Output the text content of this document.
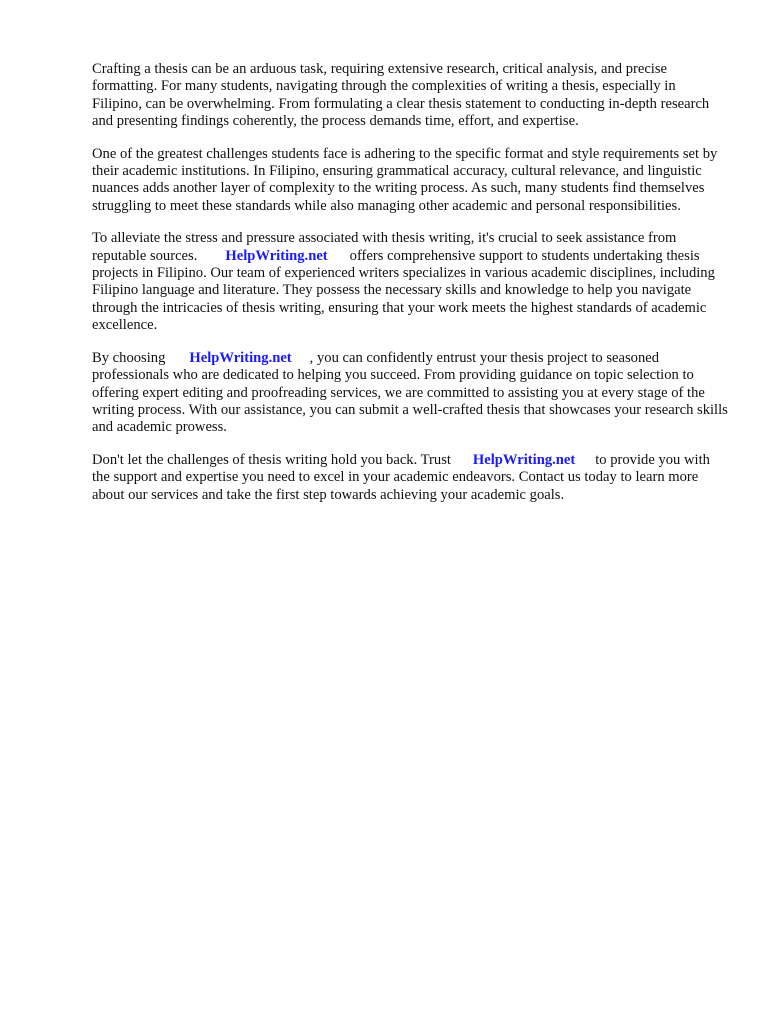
Crafting a thesis can be an arduous task, requiring extensive research, critical analysis, and precise formatting. For many students, navigating through the complexities of writing a thesis, especially in Filipino, can be overwhelming. From formulating a clear thesis statement to conducting in-depth research and presenting findings coherently, the process demands time, effort, and expertise.

One of the greatest challenges students face is adhering to the specific format and style requirements set by their academic institutions. In Filipino, ensuring grammatical accuracy, cultural relevance, and linguistic nuances adds another layer of complexity to the writing process. As such, many students find themselves struggling to meet these standards while also managing other academic and personal responsibilities.

To alleviate the stress and pressure associated with thesis writing, it's crucial to seek assistance from reputable sources. HelpWriting.net offers comprehensive support to students undertaking thesis projects in Filipino. Our team of experienced writers specializes in various academic disciplines, including Filipino language and literature. They possess the necessary skills and knowledge to help you navigate through the intricacies of thesis writing, ensuring that your work meets the highest standards of academic excellence.

By choosing HelpWriting.net , you can confidently entrust your thesis project to seasoned professionals who are dedicated to helping you succeed. From providing guidance on topic selection to offering expert editing and proofreading services, we are committed to assisting you at every stage of the writing process. With our assistance, you can submit a well-crafted thesis that showcases your research skills and academic prowess.

Don't let the challenges of thesis writing hold you back. Trust HelpWriting.net to provide you with the support and expertise you need to excel in your academic endeavors. Contact us today to learn more about our services and take the first step towards achieving your academic goals.
